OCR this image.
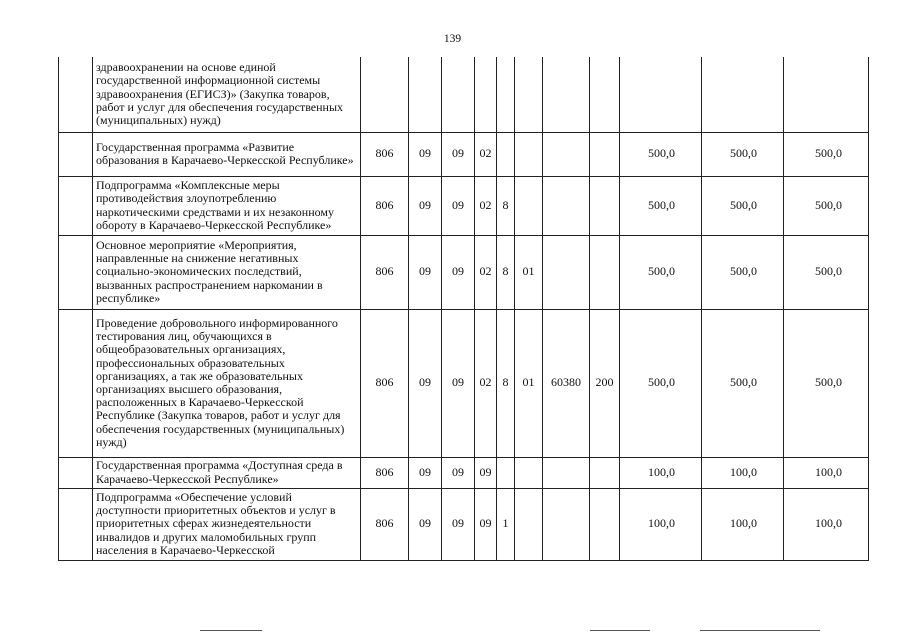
139
	здравоохранении на основе единой государственной информационной системы здравоохранения (ЕГИСЗ)» (Закупка товаров, работ и услуг для обеспечения государственных (муниципальных) нужд)											
	Государственная программа «Развитие образования в Карачаево-Черкесской Республике»	806	09	09	02					500,0	500,0	500,0
	Подпрограмма «Комплексные меры противодействия злоупотреблению наркотическими средствами и их незаконному обороту в Карачаево-Черкесской Республике»	806	09	09	02	8				500,0	500,0	500,0
	Основное мероприятие «Мероприятия, направленные на снижение негативных социально-экономических последствий, вызванных распространением наркомании в республике»	806	09	09	02	8	01			500,0	500,0	500,0
	Проведение добровольного информированного тестирования лиц, обучающихся в общеобразовательных организациях, профессиональных образовательных организациях, а так же образовательных организациях высшего образования, расположенных в Карачаево-Черкесской Республике (Закупка товаров, работ и услуг для обеспечения государственных (муниципальных) нужд)	806	09	09	02	8	01	60380	200	500,0	500,0	500,0
	Государственная программа «Доступная среда в Карачаево-Черкесской Республике»	806	09	09	09					100,0	100,0	100,0
	Подпрограмма «Обеспечение условий доступности приоритетных объектов и услуг в приоритетных сферах жизнедеятельности инвалидов и других маломобильных групп населения в Карачаево-Черкесской	806	09	09	09	1				100,0	100,0	100,0
